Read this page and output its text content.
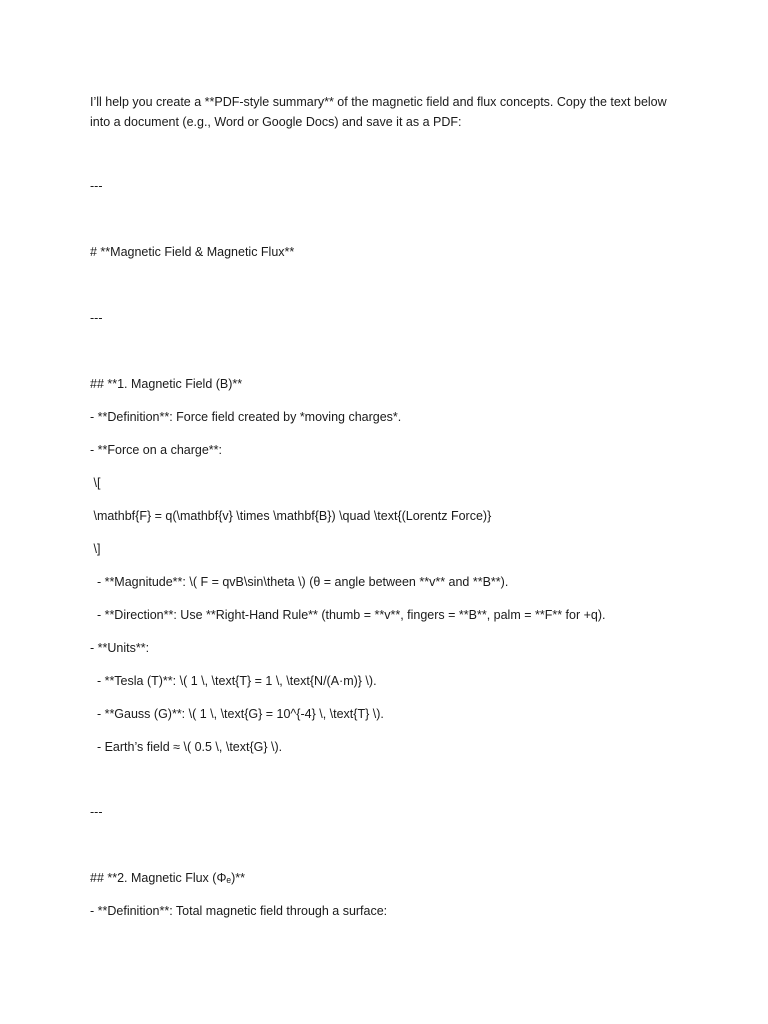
I’ll help you create a **PDF-style summary** of the magnetic field and flux concepts. Copy the text below into a document (e.g., Word or Google Docs) and save it as a PDF:

---

# **Magnetic Field & Magnetic Flux**

---

## **1. Magnetic Field (B)**

- **Definition**: Force field created by *moving charges*.

- **Force on a charge**:

\[

\mathbf{F} = q(\mathbf{v} \times \mathbf{B}) \quad \text{(Lorentz Force)}

\]

- **Magnitude**: \( F = qvB\sin\theta \) (θ = angle between **v** and **B**).

- **Direction**: Use **Right-Hand Rule** (thumb = **v**, fingers = **B**, palm = **F** for +q).

- **Units**:

- **Tesla (T)**: \( 1 \, \text{T} = 1 \, \text{N/(A·m)} \).

- **Gauss (G)**: \( 1 \, \text{G} = 10^{-4} \, \text{T} \).

- Earth’s field ≈ \( 0.5 \, \text{G} \).

---

## **2. Magnetic Flux (Φₑ)**

- **Definition**: Total magnetic field through a surface:
